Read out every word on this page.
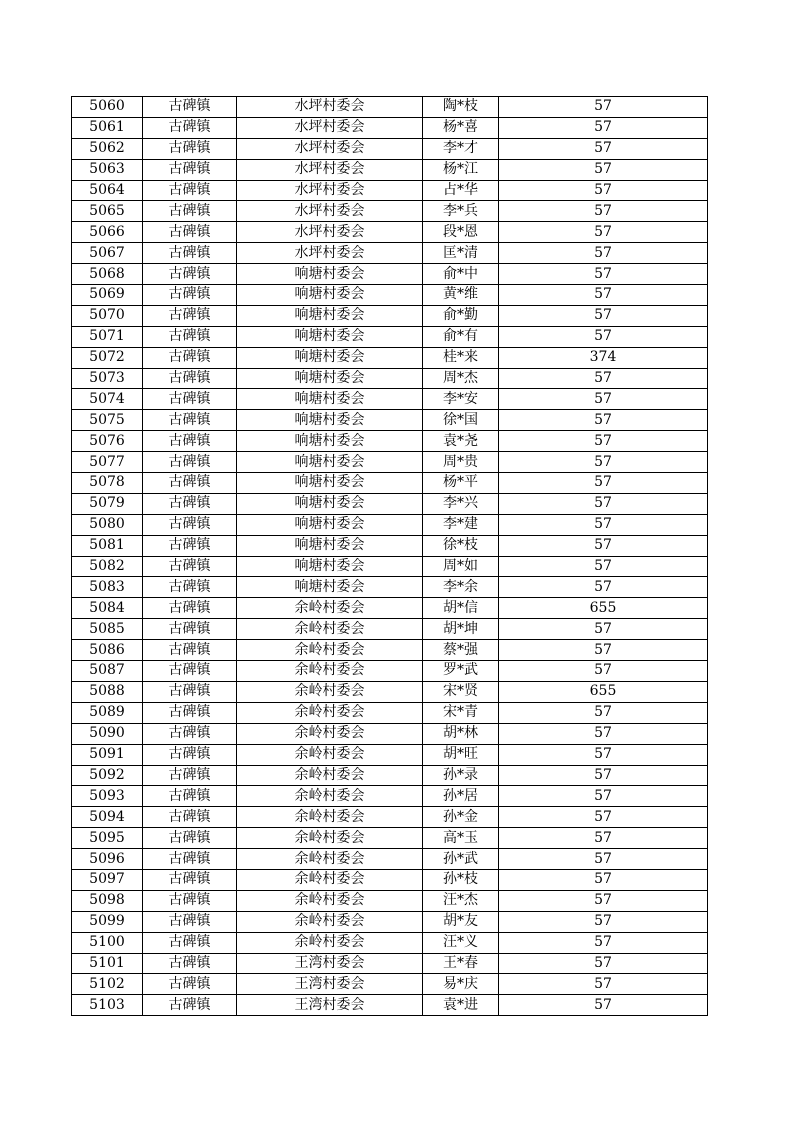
5060	古碑镇	水坪村委会	陶*枝	57
5061	古碑镇	水坪村委会	杨*喜	57
5062	古碑镇	水坪村委会	李*才	57
5063	古碑镇	水坪村委会	杨*江	57
5064	古碑镇	水坪村委会	占*华	57
5065	古碑镇	水坪村委会	李*兵	57
5066	古碑镇	水坪村委会	段*恩	57
5067	古碑镇	水坪村委会	匡*清	57
5068	古碑镇	响塘村委会	俞*中	57
5069	古碑镇	响塘村委会	黄*维	57
5070	古碑镇	响塘村委会	俞*勤	57
5071	古碑镇	响塘村委会	俞*有	57
5072	古碑镇	响塘村委会	桂*来	374
5073	古碑镇	响塘村委会	周*杰	57
5074	古碑镇	响塘村委会	李*安	57
5075	古碑镇	响塘村委会	徐*国	57
5076	古碑镇	响塘村委会	袁*尧	57
5077	古碑镇	响塘村委会	周*贵	57
5078	古碑镇	响塘村委会	杨*平	57
5079	古碑镇	响塘村委会	李*兴	57
5080	古碑镇	响塘村委会	李*建	57
5081	古碑镇	响塘村委会	徐*枝	57
5082	古碑镇	响塘村委会	周*如	57
5083	古碑镇	响塘村委会	李*余	57
5084	古碑镇	余岭村委会	胡*信	655
5085	古碑镇	余岭村委会	胡*坤	57
5086	古碑镇	余岭村委会	蔡*强	57
5087	古碑镇	余岭村委会	罗*武	57
5088	古碑镇	余岭村委会	宋*贤	655
5089	古碑镇	余岭村委会	宋*青	57
5090	古碑镇	余岭村委会	胡*林	57
5091	古碑镇	余岭村委会	胡*旺	57
5092	古碑镇	余岭村委会	孙*录	57
5093	古碑镇	余岭村委会	孙*居	57
5094	古碑镇	余岭村委会	孙*金	57
5095	古碑镇	余岭村委会	高*玉	57
5096	古碑镇	余岭村委会	孙*武	57
5097	古碑镇	余岭村委会	孙*枝	57
5098	古碑镇	余岭村委会	汪*杰	57
5099	古碑镇	余岭村委会	胡*友	57
5100	古碑镇	余岭村委会	汪*义	57
5101	古碑镇	王湾村委会	王*春	57
5102	古碑镇	王湾村委会	易*庆	57
5103	古碑镇	王湾村委会	袁*进	57
